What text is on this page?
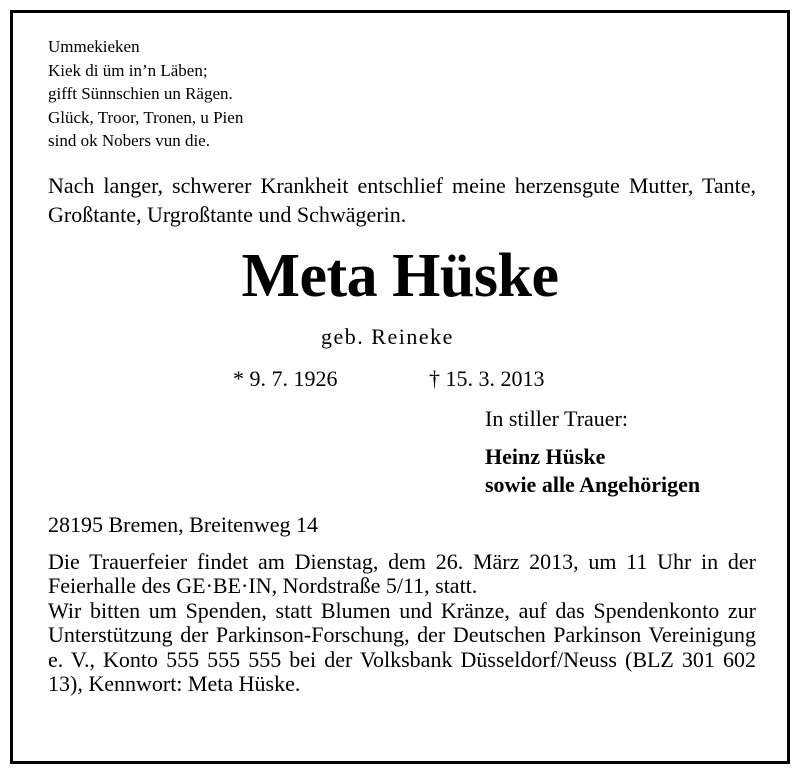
Ummekieken
Kiek di üm in’n Läben;
gifft Sünnschien un Rägen.
Glück, Troor, Tronen, u Pien
sind ok Nobers vun die.
Nach langer, schwerer Krankheit entschlief meine herzensgute Mutter, Tante, Großtante, Urgroßtante und Schwägerin.
Meta Hüske
geb. Reineke
* 9. 7. 1926	† 15. 3. 2013
In stiller Trauer:
Heinz Hüske
sowie alle Angehörigen
28195 Bremen, Breitenweg 14
Die Trauerfeier findet am Dienstag, dem 26. März 2013, um 11 Uhr in der Feierhalle des GE·BE·IN, Nordstraße 5/11, statt.
Wir bitten um Spenden, statt Blumen und Kränze, auf das Spendenkonto zur Unterstützung der Parkinson-Forschung, der Deutschen Parkinson Vereinigung e. V., Konto 555 555 555 bei der Volksbank Düsseldorf/Neuss (BLZ 301 602 13), Kennwort: Meta Hüske.
